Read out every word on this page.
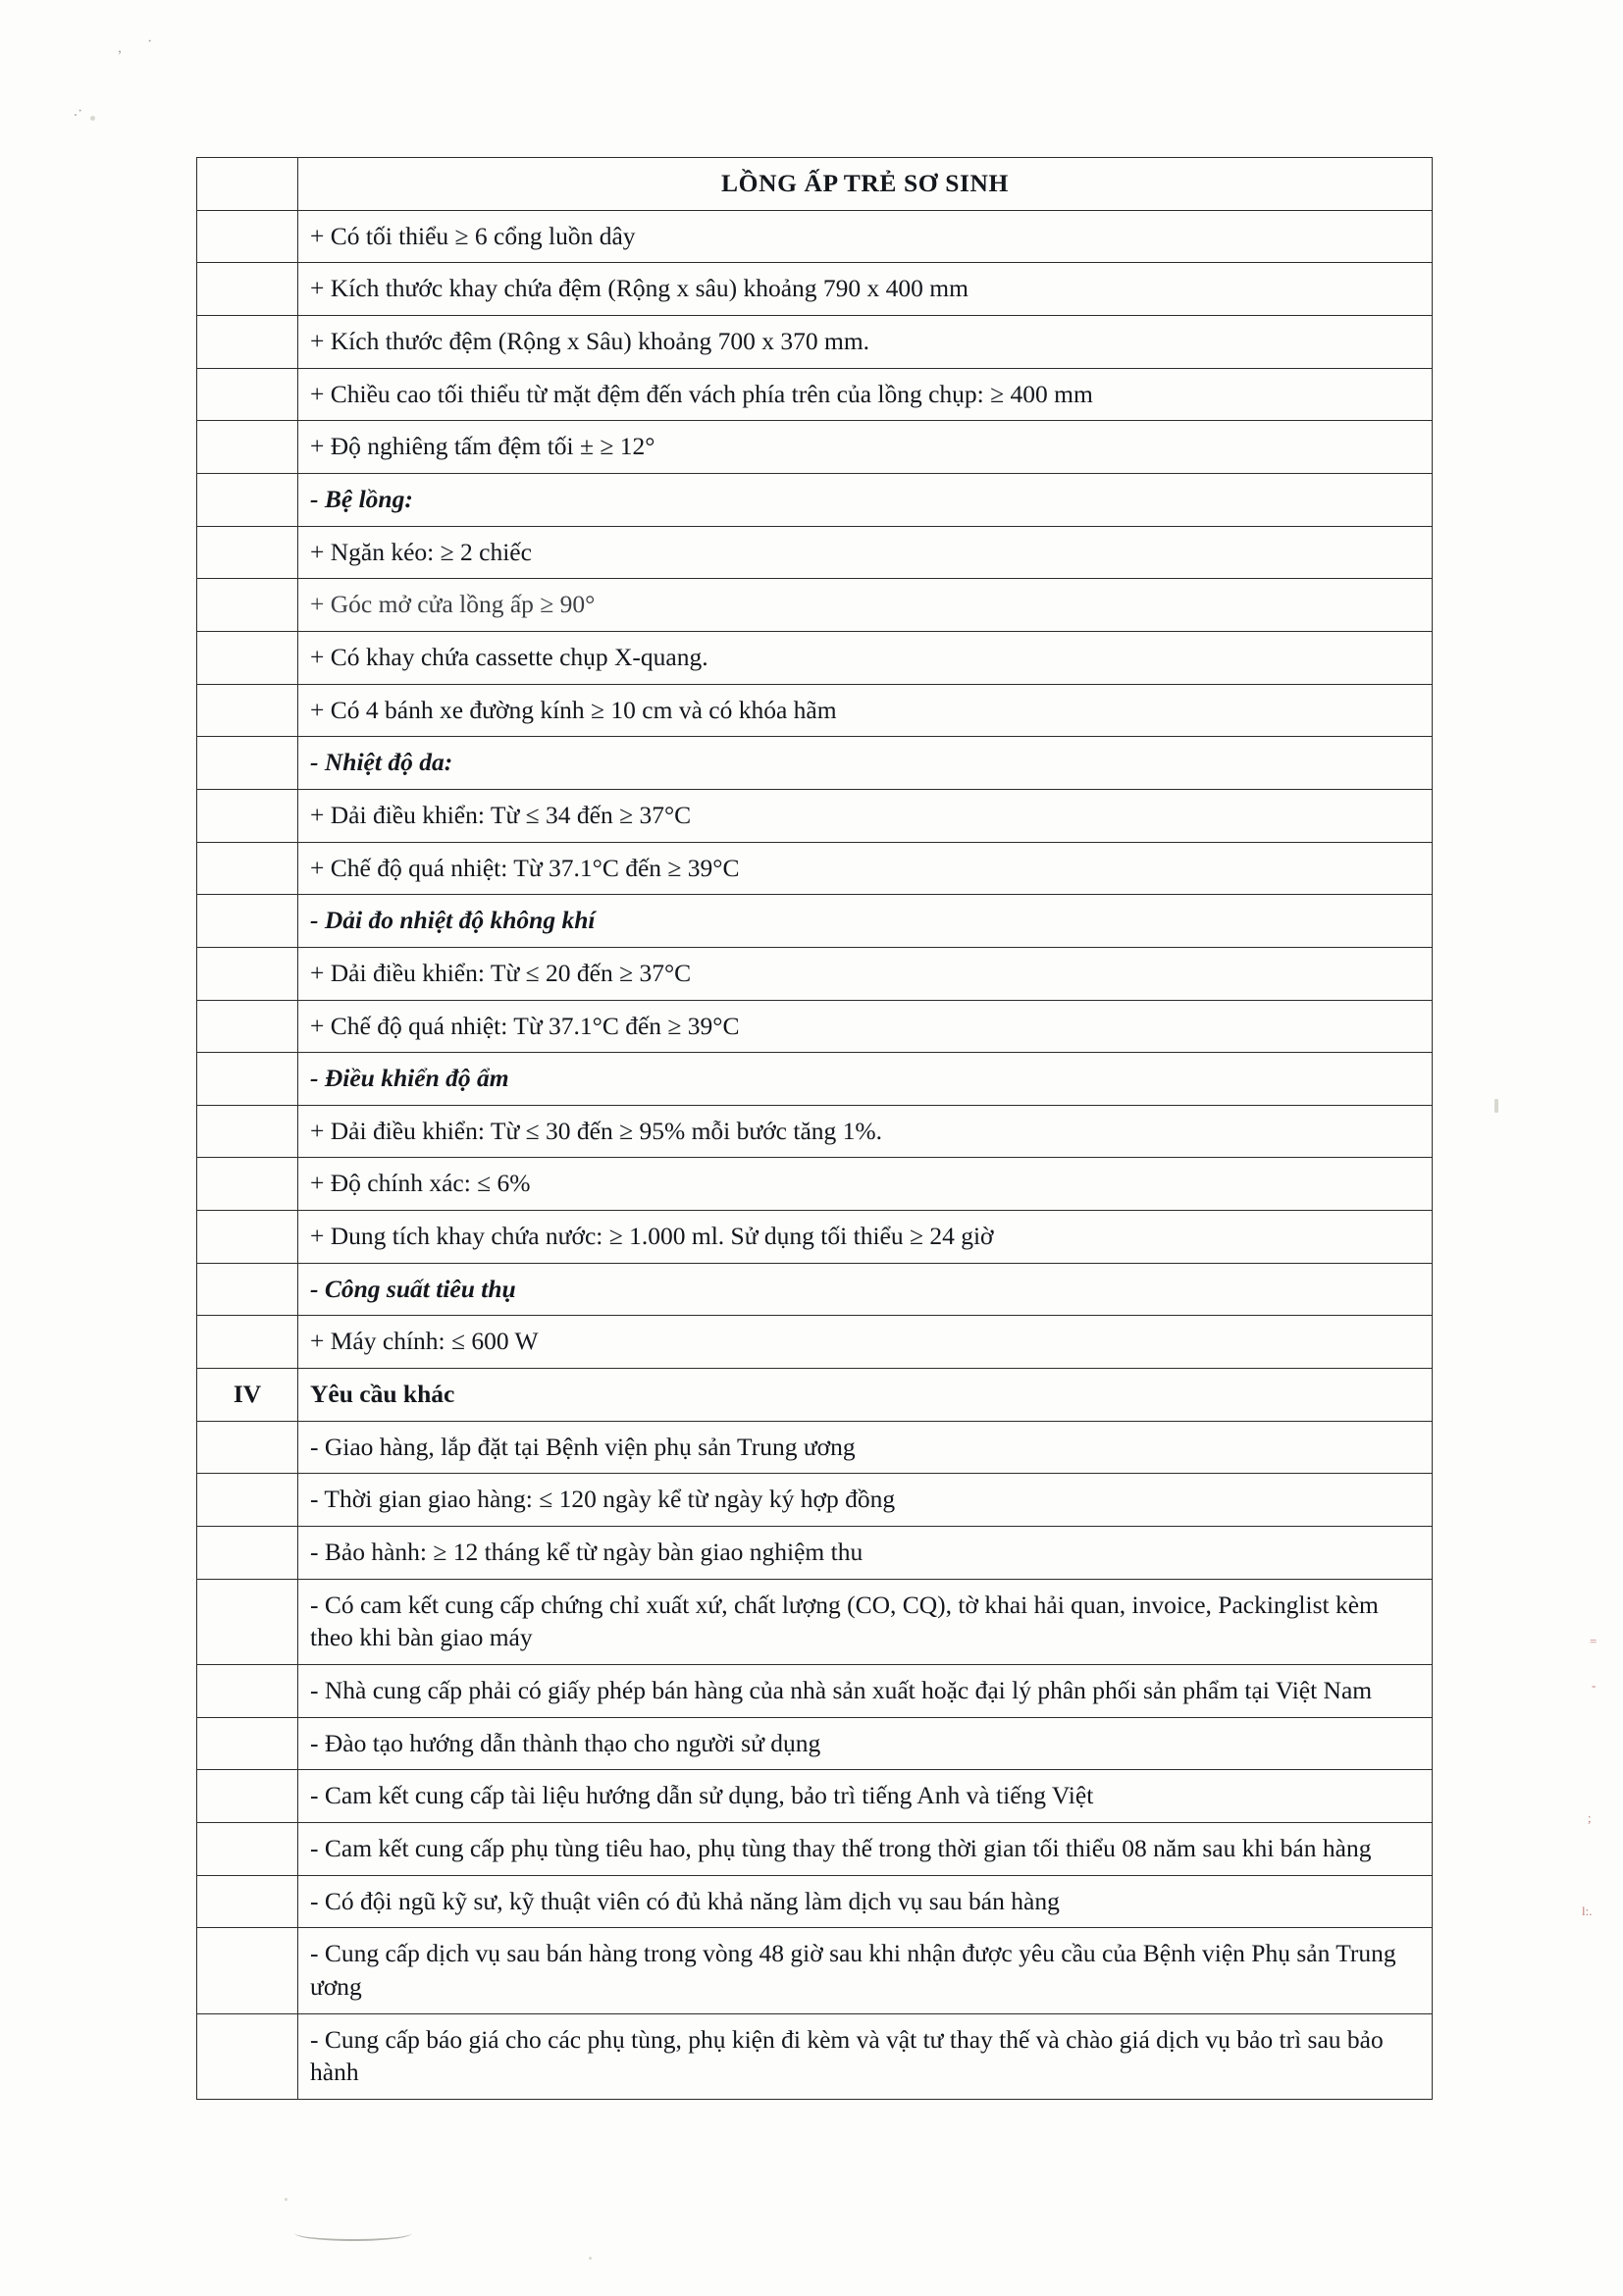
, ·
.·
=
-
;
l:.
	LỒNG ẤP TRẺ SƠ SINH
	+ Có tối thiểu ≥ 6 cổng luồn dây
	+ Kích thước khay chứa đệm (Rộng x sâu) khoảng 790 x 400 mm
	+ Kích thước đệm (Rộng x Sâu) khoảng 700 x 370 mm.
	+ Chiều cao tối thiểu từ mặt đệm đến vách phía trên của lồng chụp: ≥ 400 mm
	+ Độ nghiêng tấm đệm tối ± ≥ 12°
	- Bệ lồng:
	+ Ngăn kéo: ≥ 2 chiếc
	+ Góc mở cửa lồng ấp ≥ 90°
	+ Có khay chứa cassette chụp X-quang.
	+ Có 4 bánh xe đường kính ≥ 10 cm và có khóa hãm
	- Nhiệt độ da:
	+ Dải điều khiển: Từ ≤ 34 đến ≥ 37°C
	+ Chế độ quá nhiệt: Từ 37.1°C đến ≥ 39°C
	- Dải đo nhiệt độ không khí
	+ Dải điều khiển: Từ ≤ 20 đến ≥ 37°C
	+ Chế độ quá nhiệt: Từ 37.1°C đến ≥ 39°C
	- Điều khiển độ ẩm
	+ Dải điều khiển: Từ ≤ 30 đến ≥ 95% mỗi bước tăng 1%.
	+ Độ chính xác: ≤ 6%
	+ Dung tích khay chứa nước: ≥ 1.000 ml. Sử dụng tối thiểu ≥ 24 giờ
	- Công suất tiêu thụ
	+ Máy chính: ≤ 600 W
IV	Yêu cầu khác
	- Giao hàng, lắp đặt tại Bệnh viện phụ sản Trung ương
	- Thời gian giao hàng: ≤ 120 ngày kể từ ngày ký hợp đồng
	- Bảo hành: ≥ 12 tháng kể từ ngày bàn giao nghiệm thu
	- Có cam kết cung cấp chứng chỉ xuất xứ, chất lượng (CO, CQ), tờ khai hải quan, invoice, Packinglist kèm theo khi bàn giao máy
	- Nhà cung cấp phải có giấy phép bán hàng của nhà sản xuất hoặc đại lý phân phối sản phẩm tại Việt Nam
	- Đào tạo hướng dẫn thành thạo cho người sử dụng
	- Cam kết cung cấp tài liệu hướng dẫn sử dụng, bảo trì tiếng Anh và tiếng Việt
	- Cam kết cung cấp phụ tùng tiêu hao, phụ tùng thay thế trong thời gian tối thiểu 08 năm sau khi bán hàng
	- Có đội ngũ kỹ sư, kỹ thuật viên có đủ khả năng làm dịch vụ sau bán hàng
	- Cung cấp dịch vụ sau bán hàng trong vòng 48 giờ sau khi nhận được yêu cầu của Bệnh viện Phụ sản Trung ương
	- Cung cấp báo giá cho các phụ tùng, phụ kiện đi kèm và vật tư thay thế và chào giá dịch vụ bảo trì sau bảo hành
